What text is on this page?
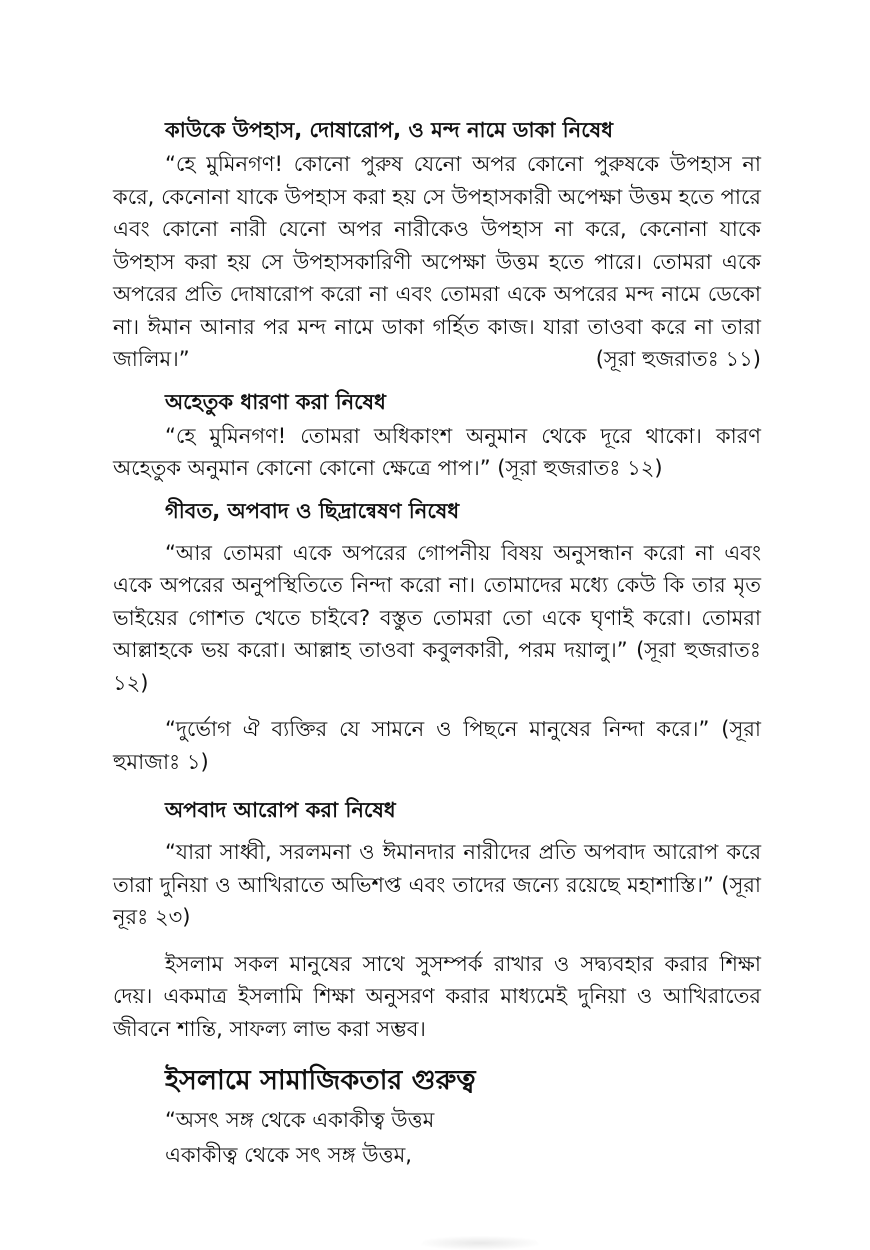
কাউকে উপহাস, দোষারোপ, ও মন্দ নামে ডাকা নিষেধ

“হে মুমিনগণ! কোনো পুরুষ যেনো অপর কোনো পুরুষকে উপহাস না করে, কেনোনা যাকে উপহাস করা হয় সে উপহাসকারী অপেক্ষা উত্তম হতে পারে এবং কোনো নারী যেনো অপর নারীকেও উপহাস না করে, কেনোনা যাকে উপহাস করা হয় সে উপহাসকারিণী অপেক্ষা উত্তম হতে পারে। তোমরা একে অপরের প্রতি দোষারোপ করো না এবং তোমরা একে অপরের মন্দ নামে ডেকো না। ঈমান আনার পর মন্দ নামে ডাকা গর্হিত কাজ। যারা তাওবা করে না তারা জালিম।”	(সূরা হুজরাতঃ ১১)

অহেতুক ধারণা করা নিষেধ

“হে মুমিনগণ! তোমরা অধিকাংশ অনুমান থেকে দূরে থাকো। কারণ অহেতুক অনুমান কোনো কোনো ক্ষেত্রে পাপ।” (সূরা হুজরাতঃ ১২)

গীবত, অপবাদ ও ছিদ্রান্বেষণ নিষেধ

“আর তোমরা একে অপরের গোপনীয় বিষয় অনুসন্ধান করো না এবং একে অপরের অনুপস্থিতিতে নিন্দা করো না। তোমাদের মধ্যে কেউ কি তার মৃত ভাইয়ের গোশত খেতে চাইবে? বস্তুত তোমরা তো একে ঘৃণাই করো। তোমরা আল্লাহকে ভয় করো। আল্লাহ তাওবা কবুলকারী, পরম দয়ালু।” (সূরা হুজরাতঃ ১২)

“দুর্ভোগ ঐ ব্যক্তির যে সামনে ও পিছনে মানুষের নিন্দা করে।” (সূরা হুমাজাঃ ১)

অপবাদ আরোপ করা নিষেধ

“যারা সাধ্বী, সরলমনা ও ঈমানদার নারীদের প্রতি অপবাদ আরোপ করে তারা দুনিয়া ও আখিরাতে অভিশপ্ত এবং তাদের জন্যে রয়েছে মহাশাস্তি।” (সূরা নূরঃ ২৩)

ইসলাম সকল মানুষের সাথে সুসম্পর্ক রাখার ও সদ্ব্যবহার করার শিক্ষা দেয়। একমাত্র ইসলামি শিক্ষা অনুসরণ করার মাধ্যমেই দুনিয়া ও আখিরাতের জীবনে শান্তি, সাফল্য লাভ করা সম্ভব।

ইসলামে সামাজিকতার গুরুত্ব
“অসৎ সঙ্গ থেকে একাকীত্ব উত্তম
একাকীত্ব থেকে সৎ সঙ্গ উত্তম,
